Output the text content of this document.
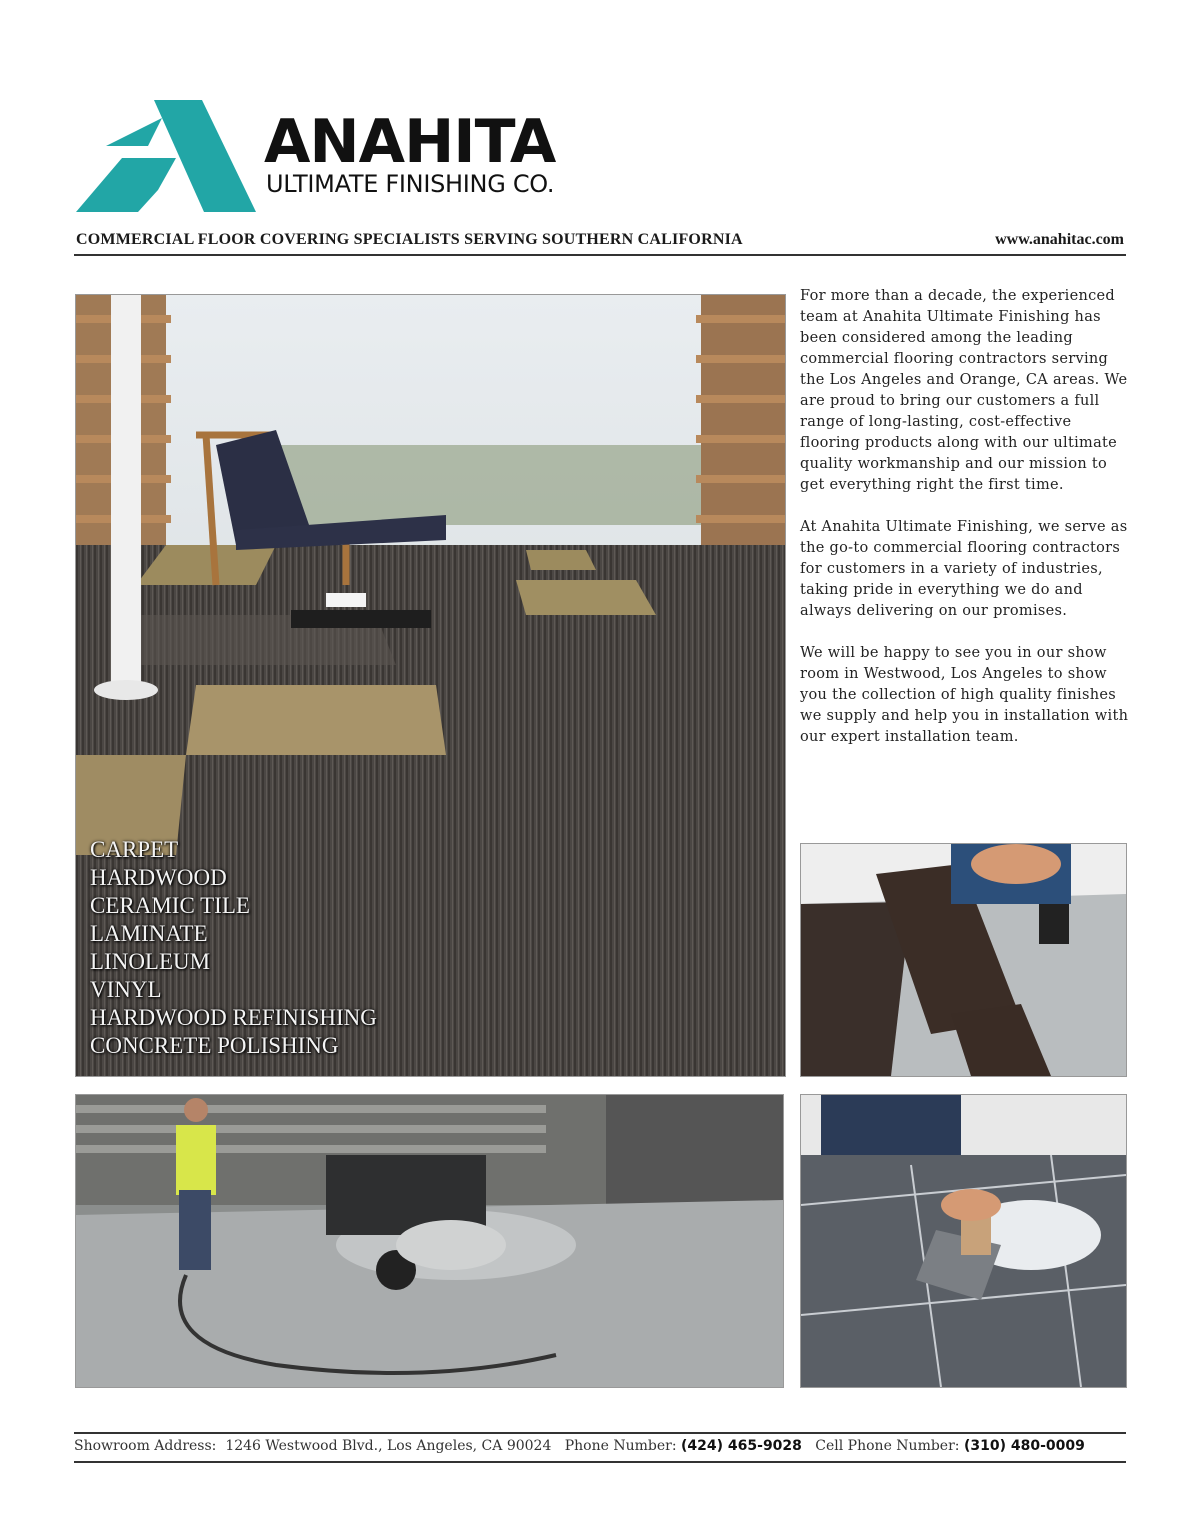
ANAHITA
ULTIMATE FINISHING CO.
COMMERCIAL FLOOR COVERING SPECIALISTS SERVING SOUTHERN CALIFORNIA	www.anahitac.com
CARPET
HARDWOOD
CERAMIC TILE
LAMINATE
LINOLEUM
VINYL
HARDWOOD REFINISHING
CONCRETE POLISHING

For more than a decade, the experienced team at Anahita Ultimate Finishing has been considered among the leading commercial flooring contractors serving the Los Angeles and Orange, CA areas. We are proud to bring our customers a full range of long-lasting, cost-effective flooring products along with our ultimate quality workmanship and our mission to get everything right the first time.

At Anahita Ultimate Finishing, we serve as the go-to commercial flooring contractors for customers in a variety of industries, taking pride in everything we do and always delivering on our promises.

We will be happy to see you in our show room in Westwood, Los Angeles to show you the collection of high quality finishes we supply and help you in installation with our expert installation team.

Showroom Address: 1246 Westwood Blvd., Los Angeles, CA 90024 Phone Number: (424) 465-9028 Cell Phone Number: (310) 480-0009
